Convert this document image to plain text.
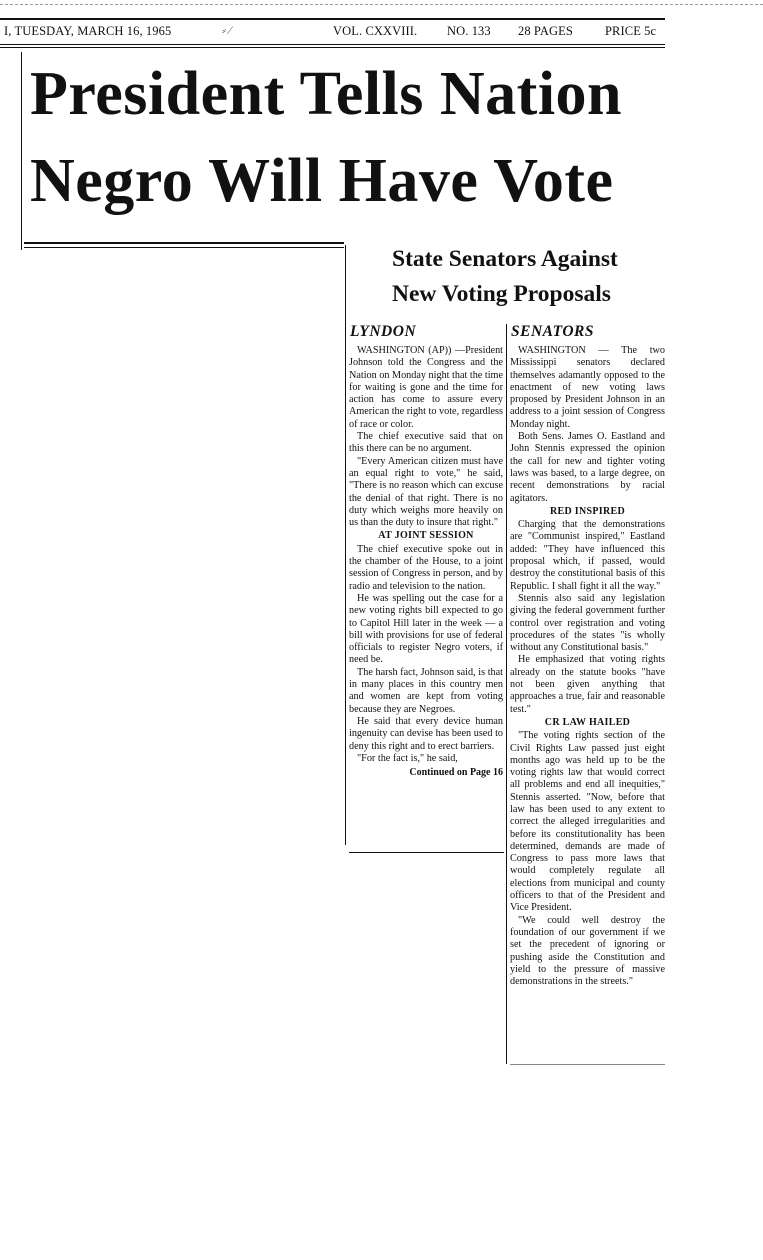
I, TUESDAY, MARCH 16, 1965	⸗ ⁄	VOL. CXXVIII. NO. 133 28 PAGES	PRICE 5c
President Tells Nation
Negro Will Have Vote
State Senators Against
New Voting Proposals
LYNDON	SENATORS

WASHINGTON (AP)) —President Johnson told the Congress and the Nation on Monday night that the time for waiting is gone and the time for action has come to assure every American the right to vote, regardless of race or color.

The chief executive said that on this there can be no argument.

"Every American citizen must have an equal right to vote," he said, "There is no reason which can excuse the denial of that right. There is no duty which weighs more heavily on us than the duty to insure that right."

AT JOINT SESSION

The chief executive spoke out in the chamber of the House, to a joint session of Congress in person, and by radio and television to the nation.

He was spelling out the case for a new voting rights bill expected to go to Capitol Hill later in the week — a bill with provisions for use of federal officials to register Negro voters, if need be.

The harsh fact, Johnson said, is that in many places in this country men and women are kept from voting because they are Negroes.

He said that every device human ingenuity can devise has been used to deny this right and to erect barriers.

"For the fact is," he said,

Continued on Page 16

WASHINGTON — The two Mississippi senators declared themselves adamantly opposed to the enactment of new voting laws proposed by President Johnson in an address to a joint session of Congress Monday night.

Both Sens. James O. Eastland and John Stennis expressed the opinion the call for new and tighter voting laws was based, to a large degree, on recent demonstrations by racial agitators.

RED INSPIRED

Charging that the demonstrations are "Communist inspired," Eastland added: "They have influenced this proposal which, if passed, would destroy the constitutional basis of this Republic. I shall fight it all the way."

Stennis also said any legislation giving the federal government further control over registration and voting procedures of the states "is wholly without any Constitutional basis."

He emphasized that voting rights already on the statute books "have not been given anything that approaches a true, fair and reasonable test."

CR LAW HAILED

"The voting rights section of the Civil Rights Law passed just eight months ago was held up to be the voting rights law that would correct all problems and end all inequities," Stennis asserted. "Now, before that law has been used to any extent to correct the alleged irregularities and before its constitutionality has been determined, demands are made of Congress to pass more laws that would completely regulate all elections from municipal and county officers to that of the President and Vice President.

"We could well destroy the foundation of our government if we set the precedent of ignoring or pushing aside the Constitution and yield to the pressure of massive demonstrations in the streets."
